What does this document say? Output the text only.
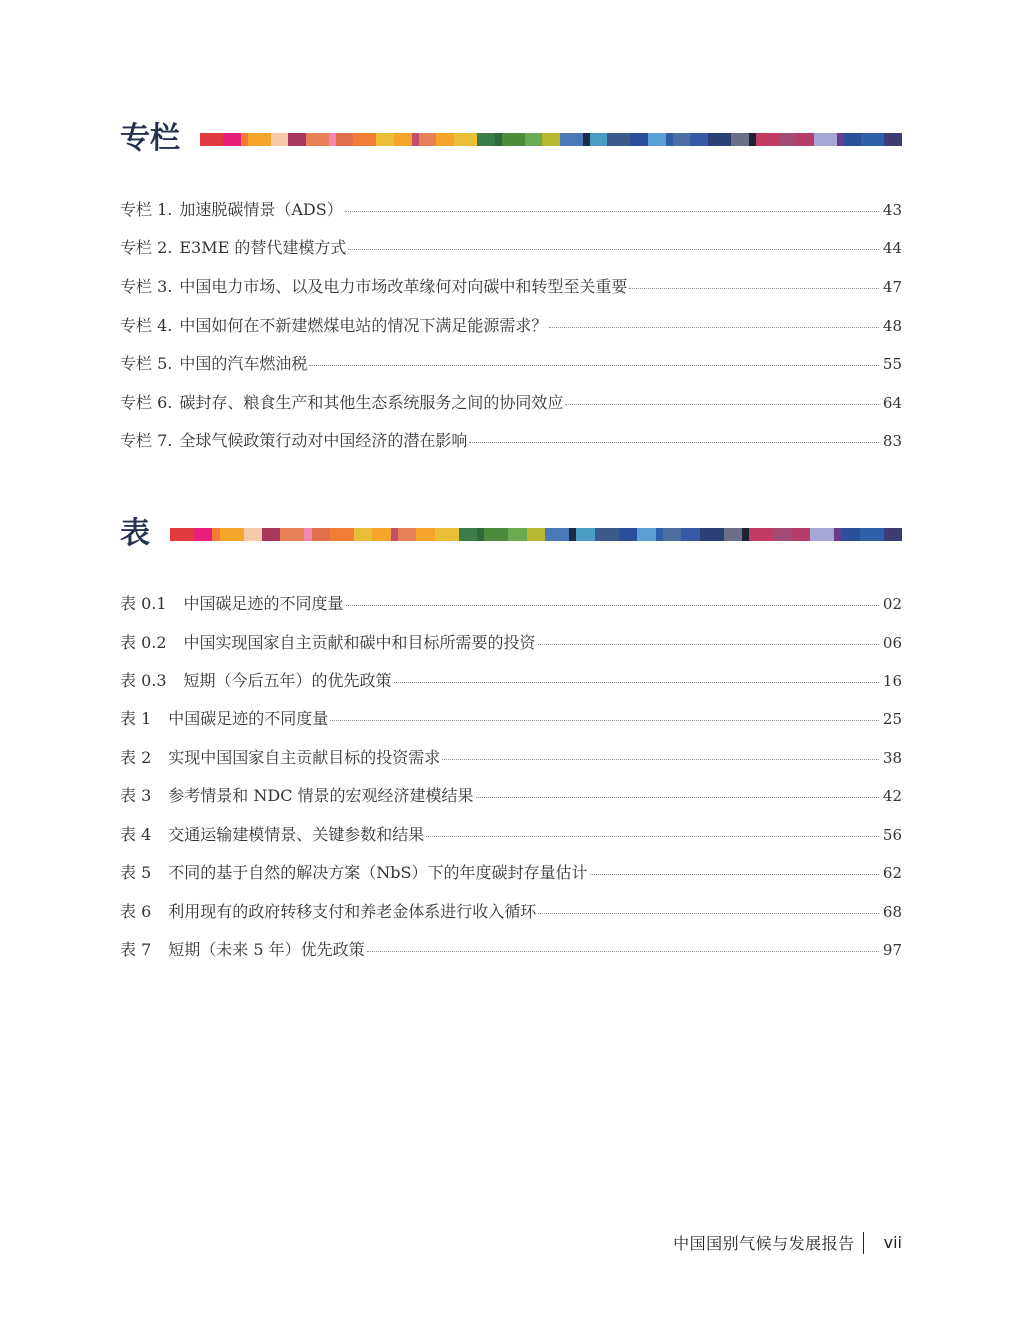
专栏
专栏 1. 加速脱碳情景（ADS）	43
专栏 2. E3ME 的替代建模方式	44
专栏 3. 中国电力市场、以及电力市场改革缘何对向碳中和转型至关重要	47
专栏 4. 中国如何在不新建燃煤电站的情况下满足能源需求？	48
专栏 5. 中国的汽车燃油税	55
专栏 6. 碳封存、粮食生产和其他生态系统服务之间的协同效应	64
专栏 7. 全球气候政策行动对中国经济的潜在影响	83
表
表 0.1 中国碳足迹的不同度量	02
表 0.2 中国实现国家自主贡献和碳中和目标所需要的投资	06
表 0.3 短期（今后五年）的优先政策	16
表 1 中国碳足迹的不同度量	25
表 2 实现中国国家自主贡献目标的投资需求	38
表 3 参考情景和 NDC 情景的宏观经济建模结果	42
表 4 交通运输建模情景、关键参数和结果	56
表 5 不同的基于自然的解决方案（NbS）下的年度碳封存量估计	62
表 6 利用现有的政府转移支付和养老金体系进行收入循环	68
表 7 短期（未来 5 年）优先政策	97
中国国别气候与发展报告 vii
